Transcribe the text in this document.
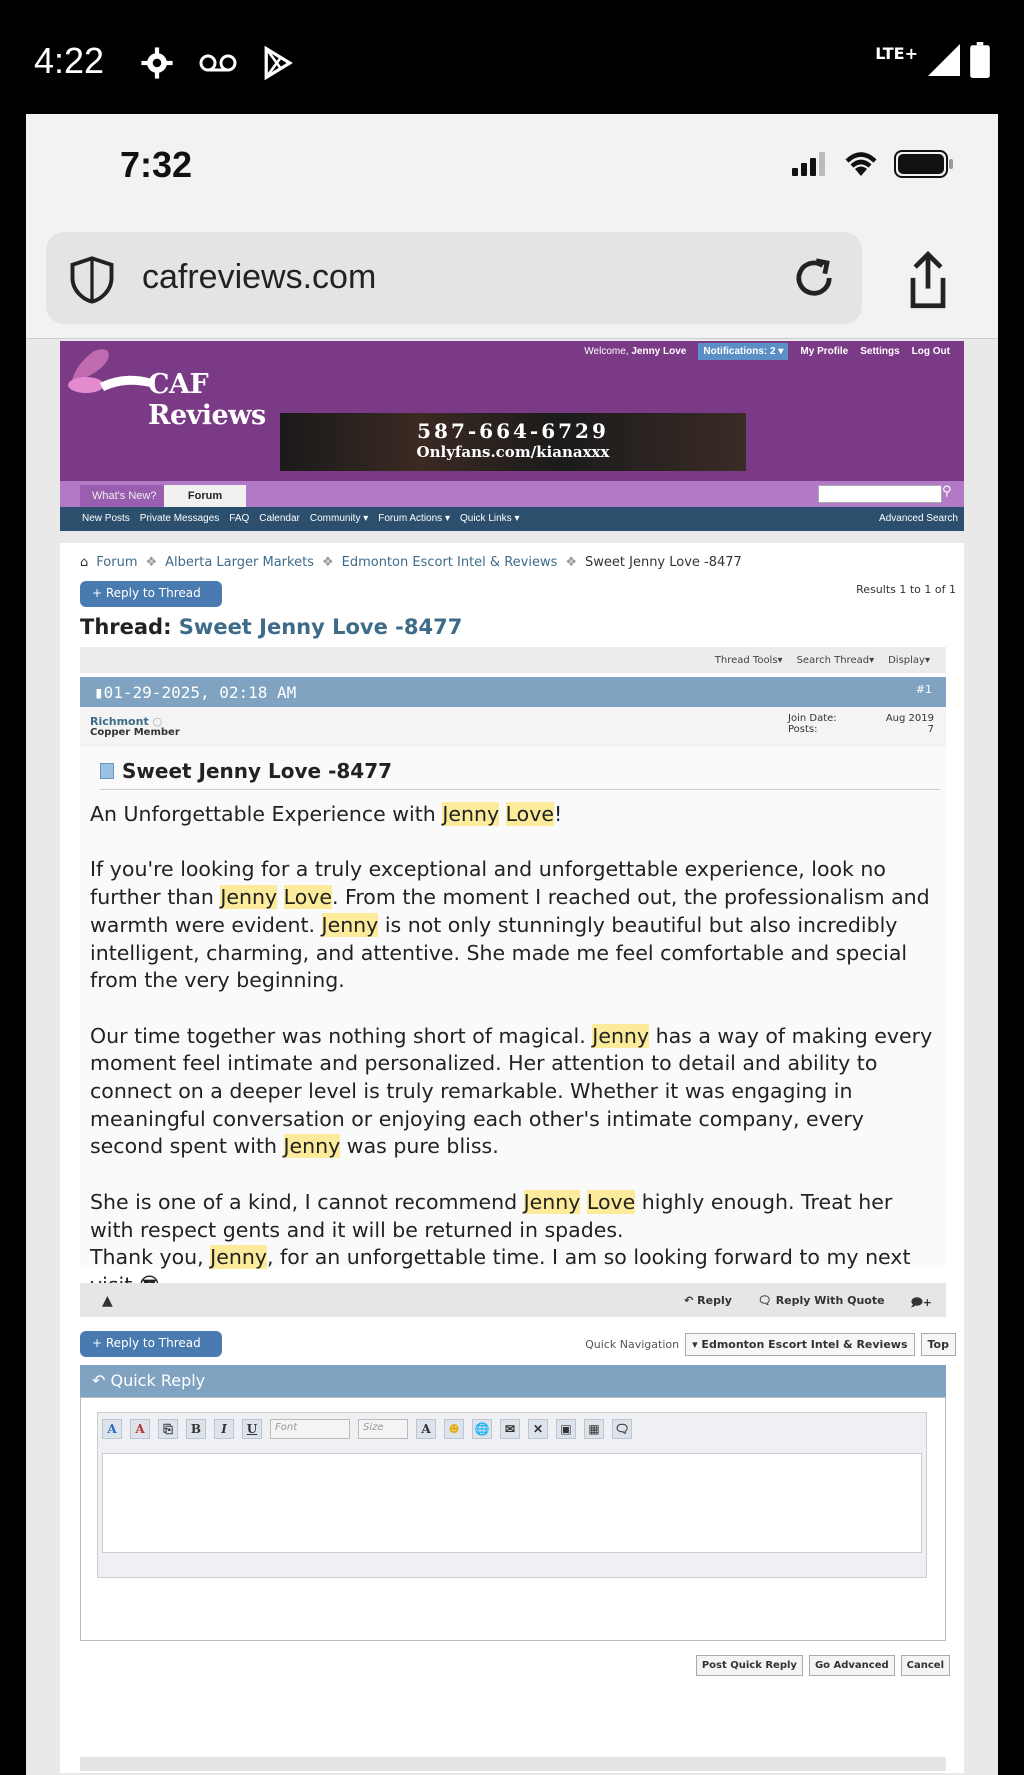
4:22	LTE+
7:32
cafreviews.com
CAF Reviews
Welcome, Jenny Love	Notifications: 2 ▾	My Profile Settings Log Out
587-664-6729
Onlyfans.com/kianaxxx
What's New?	Forum	⚲
New Posts Private Messages FAQ Calendar Community ▾ Forum Actions ▾ Quick Links ▾	Advanced Search
⌂ Forum ❖ Alberta Larger Markets ❖ Edmonton Escort Intel & Reviews ❖ Sweet Jenny Love -8477
+ Reply to Thread	Results 1 to 1 of 1
Thread: Sweet Jenny Love -8477
Thread Tools▾ Search Thread▾ Display▾
▮01-29-2025, 02:18 AM	#1
Richmont ○
Copper Member
Join Date:	Aug 2019
Posts:	7
Sweet Jenny Love -8477

An Unforgettable Experience with Jenny Love!

If you're looking for a truly exceptional and unforgettable experience, look no further than Jenny Love. From the moment I reached out, the professionalism and warmth were evident. Jenny is not only stunningly beautiful but also incredibly intelligent, charming, and attentive. She made me feel comfortable and special from the very beginning.

Our time together was nothing short of magical. Jenny has a way of making every moment feel intimate and personalized. Her attention to detail and ability to connect on a deeper level is truly remarkable. Whether it was engaging in meaningful conversation or enjoying each other's intimate company, every second spent with Jenny was pure bliss.

She is one of a kind, I cannot recommend Jenny Love highly enough. Treat her with respect gents and it will be returned in spades.
Thank you, Jenny, for an unforgettable time. I am so looking forward to my next

▲	↶ Reply 🗨 Reply With Quote 🗩+
+ Reply to Thread	Quick Navigation	▾ Edmonton Escort Intel & Reviews	Top
↶ Quick Reply
A	A	⎘	B	I U	Font	Size	A	☻	🌐	✉	✕	▣	▦	🗨
Post Quick Reply	Go Advanced	Cancel
